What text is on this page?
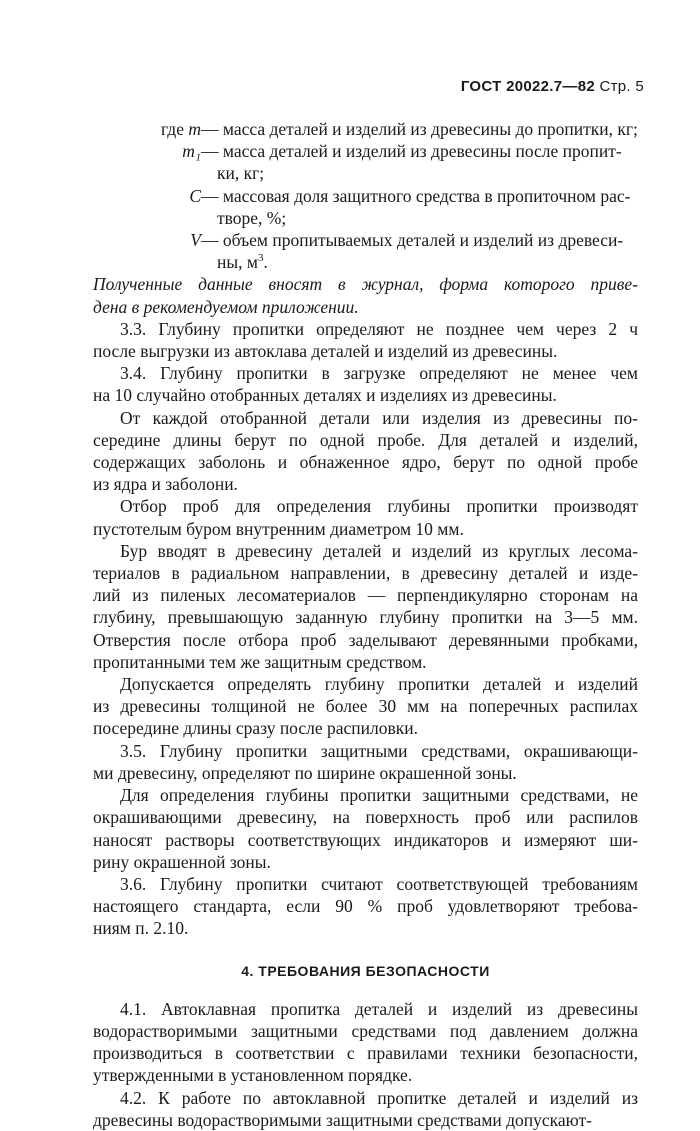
ГОСТ 20022.7—82 Стр. 5
где m — масса деталей и изделий из древесины до пропитки, кг;
m₁ — масса деталей и изделий из древесины после пропит-
ки, кг;
C — массовая доля защитного средства в пропиточном рас-
творе, %;
V — объем пропитываемых деталей и изделий из древеси-
ны, $м^3$.
Полученные данные вносят в журнал, форма которого приве-
дена в рекомендуемом приложении.
3.3. Глубину пропитки определяют не позднее чем через 2 ч
после выгрузки из автоклава деталей и изделий из древесины.
3.4. Глубину пропитки в загрузке определяют не менее чем
на 10 случайно отобранных деталях и изделиях из древесины.
От каждой отобранной детали или изделия из древесины по-
середине длины берут по одной пробе. Для деталей и изделий,
содержащих заболонь и обнаженное ядро, берут по одной пробе
из ядра и заболони.
Отбор проб для определения глубины пропитки производят
пустотелым буром внутренним диаметром 10 мм.
Бур вводят в древесину деталей и изделий из круглых лесома-
териалов в радиальном направлении, в древесину деталей и изде-
лий из пиленых лесоматериалов — перпендикулярно сторонам на
глубину, превышающую заданную глубину пропитки на 3—5 мм.
Отверстия после отбора проб заделывают деревянными пробками,
пропитанными тем же защитным средством.
Допускается определять глубину пропитки деталей и изделий
из древесины толщиной не более 30 мм на поперечных распилах
посередине длины сразу после распиловки.
3.5. Глубину пропитки защитными средствами, окрашивающи-
ми древесину, определяют по ширине окрашенной зоны.
Для определения глубины пропитки защитными средствами, не
окрашивающими древесину, на поверхность проб или распилов
наносят растворы соответствующих индикаторов и измеряют ши-
рину окрашенной зоны.
3.6. Глубину пропитки считают соответствующей требованиям
настоящего стандарта, если 90 % проб удовлетворяют требова-
ниям п. 2.10.
4. ТРЕБОВАНИЯ БЕЗОПАСНОСТИ
4.1. Автоклавная пропитка деталей и изделий из древесины
водорастворимыми защитными средствами под давлением должна
производиться в соответствии с правилами техники безопасности,
утвержденными в установленном порядке.
4.2. К работе по автоклавной пропитке деталей и изделий из
древесины водорастворимыми защитными средствами допускают-
